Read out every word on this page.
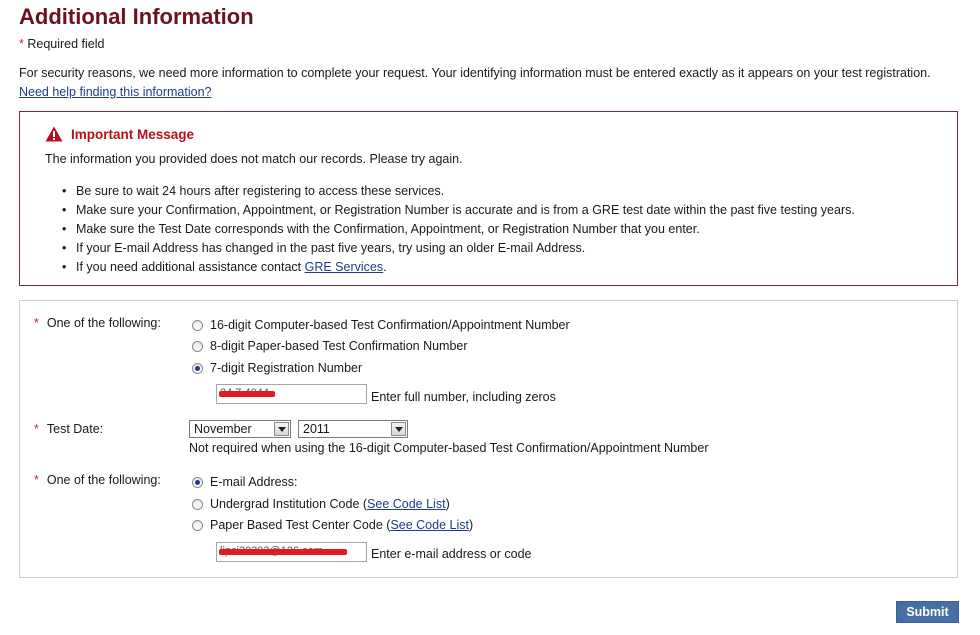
Additional Information
* Required field
For security reasons, we need more information to complete your request. Your identifying information must be entered exactly as it appears on your test registration.
Need help finding this information?
Important Message
The information you provided does not match our records. Please try again.
• Be sure to wait 24 hours after registering to access these services.
• Make sure your Confirmation, Appointment, or Registration Number is accurate and is from a GRE test date within the past five testing years.
• Make sure the Test Date corresponds with the Confirmation, Appointment, or Registration Number that you enter.
• If your E-mail Address has changed in the past five years, try using an older E-mail Address.
• If you need additional assistance contact GRE Services.
* One of the following:	16-digit Computer-based Test Confirmation/Appointment Number
8-digit Paper-based Test Confirmation Number
7-digit Registration Number
Enter full number, including zeros
* Test Date:	November	2011
Not required when using the 16-digit Computer-based Test Confirmation/Appointment Number
* One of the following:	E-mail Address:
Undergrad Institution Code (See Code List)
Paper Based Test Center Code (See Code List)
Enter e-mail address or code
Submit
